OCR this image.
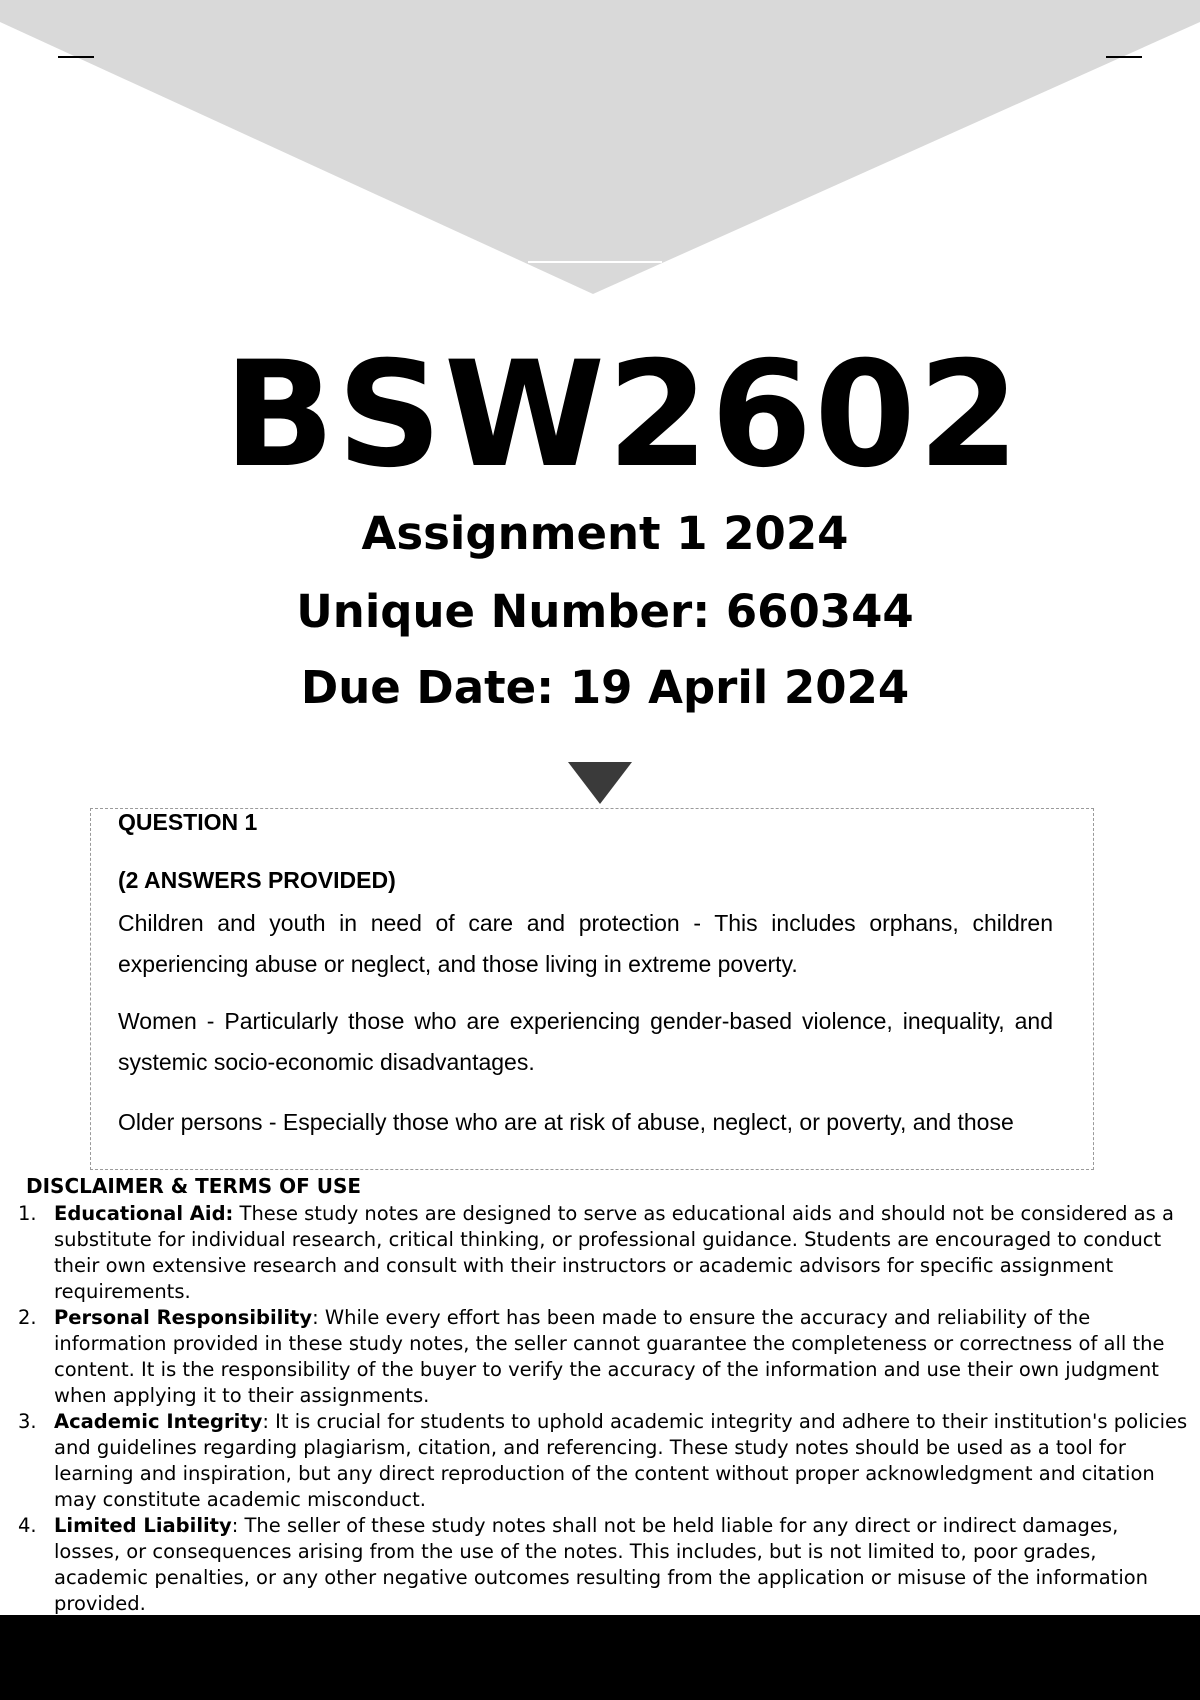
BSW2602
Assignment 1 2024
Unique Number: 660344
Due Date: 19 April 2024
QUESTION 1
(2 ANSWERS PROVIDED)
Children and youth in need of care and protection - This includes orphans, children experiencing abuse or neglect, and those living in extreme poverty.
Women - Particularly those who are experiencing gender-based violence, inequality, and systemic socio-economic disadvantages.
Older persons - Especially those who are at risk of abuse, neglect, or poverty, and those
DISCLAIMER & TERMS OF USE
1. Educational Aid: These study notes are designed to serve as educational aids and should not be considered as a substitute for individual research, critical thinking, or professional guidance. Students are encouraged to conduct their own extensive research and consult with their instructors or academic advisors for specific assignment requirements.
2. Personal Responsibility: While every effort has been made to ensure the accuracy and reliability of the information provided in these study notes, the seller cannot guarantee the completeness or correctness of all the content. It is the responsibility of the buyer to verify the accuracy of the information and use their own judgment when applying it to their assignments.
3. Academic Integrity: It is crucial for students to uphold academic integrity and adhere to their institution's policies and guidelines regarding plagiarism, citation, and referencing. These study notes should be used as a tool for learning and inspiration, but any direct reproduction of the content without proper acknowledgment and citation may constitute academic misconduct.
4. Limited Liability: The seller of these study notes shall not be held liable for any direct or indirect damages, losses, or consequences arising from the use of the notes. This includes, but is not limited to, poor grades, academic penalties, or any other negative outcomes resulting from the application or misuse of the information provided.
